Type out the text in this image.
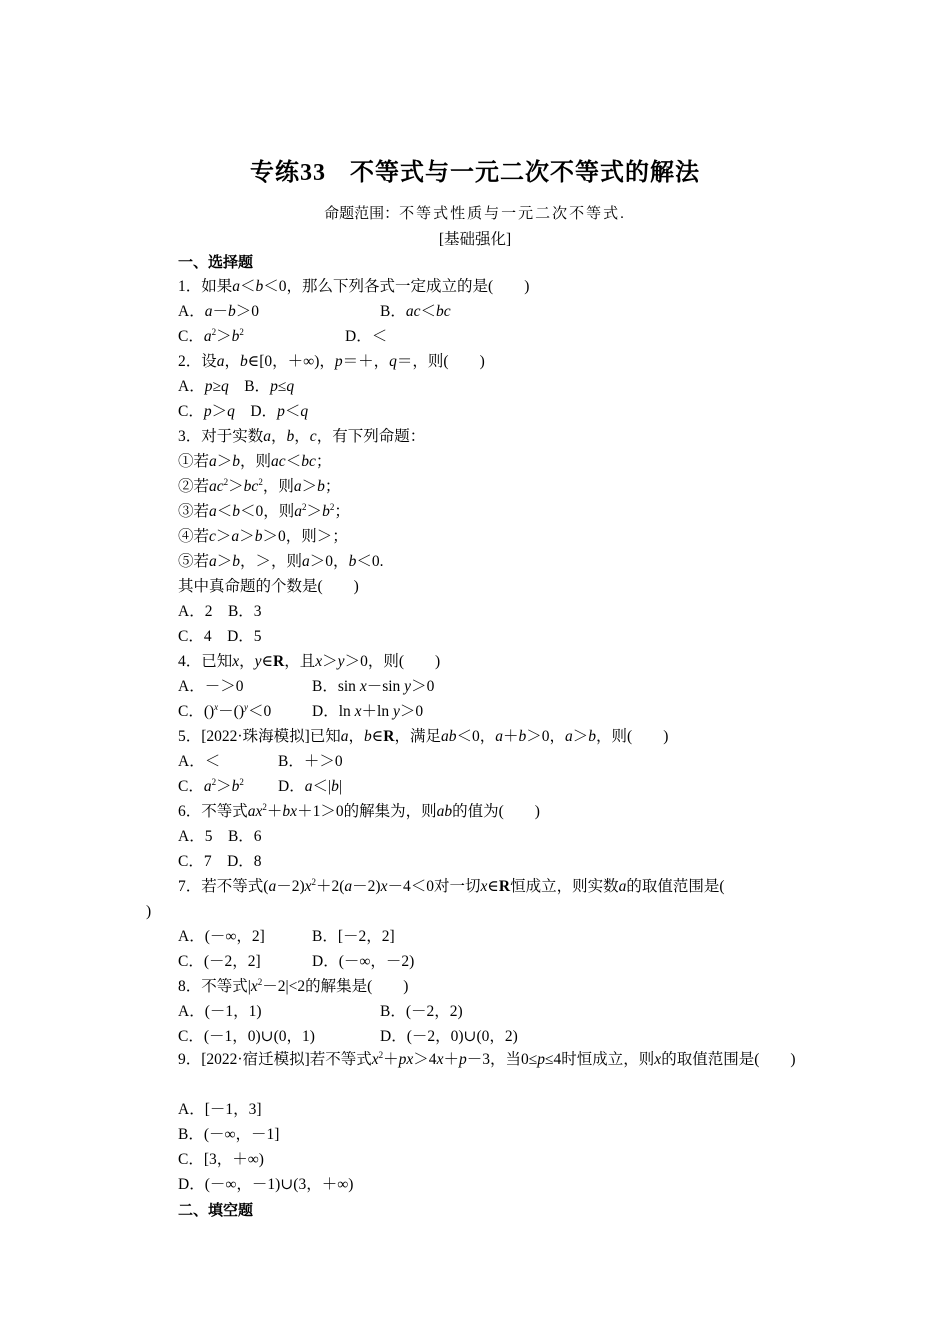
专练33 不等式与一元二次不等式的解法
命题范围：不等式性质与一元二次不等式.
[基础强化]
一、选择题
1．如果a＜b＜0，那么下列各式一定成立的是(　　)
A．a－b＞0	B．ac＜bc
C．$a^2>b^2$	D．＜
2．设a，b∈[0，＋∞)，p＝＋，q＝，则(　　)
A．p≥q　B．p≤q
C．p＞q　D．p＜q
3．对于实数a，b，c，有下列命题：
①若a＞b，则ac＜bc；
②若$ac^2>bc^2$，则a＞b；
③若a＜b＜0，则$a^2>b^2$；
④若c＞a＞b＞0，则＞；
⑤若a＞b，＞，则a＞0，b＜0.
其中真命题的个数是(　　)
A．2　B．3
C．4　D．5
4．已知x，y∈R，且x＞y＞0，则(　　)
A．－＞0	B．sin x－sin y＞0
C．()$^x$－()$^y$＜0	D．ln x＋ln y＞0
5．[2022·珠海模拟]已知a，b∈R，满足ab＜0，a＋b＞0，a＞b，则(　　)
A．＜	B．＋＞0
C．$a^2>b^2$ D．a＜|b|
6．不等式$ax^2+bx+1>0$的解集为，则ab的值为(　　)
A．5　B．6
C．7　D．8
7．若不等式$(a-2)x^2+2(a-2)x-4<0$对一切x∈R恒成立，则实数a的取值范围是(
)
A．(－∞，2]	B．[－2，2]
C．(－2，2]	D．(－∞，－2)
8．不等式$|x^2-2|<2$的解集是(　　)
A．(－1，1)	B．(－2，2)
C．(－1，0)∪(0，1)	D．(－2，0)∪(0，2)
9．[2022·宿迁模拟]若不等式$x^2+px>4x+p-3$，当0≤p≤4时恒成立，则x的取值范围是(　　)
A．[－1，3]
B．(－∞，－1]
C．[3，＋∞)
D．(－∞，－1)∪(3，＋∞)
二、填空题
